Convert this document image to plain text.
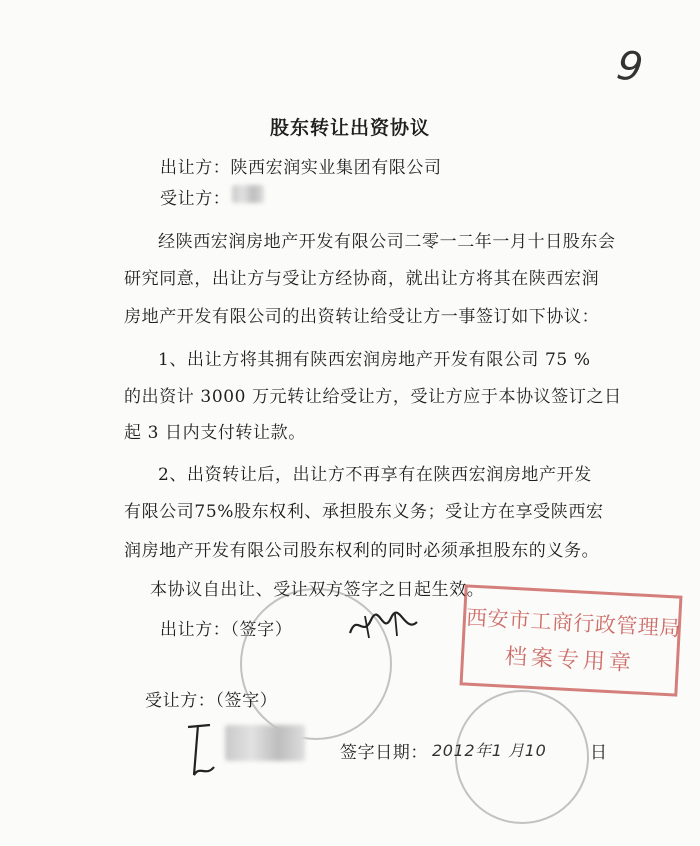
9
股东转让出资协议
出让方：陕西宏润实业集团有限公司
受让方：
经陕西宏润房地产开发有限公司二零一二年一月十日股东会
研究同意，出让方与受让方经协商，就出让方将其在陕西宏润
房地产开发有限公司的出资转让给受让方一事签订如下协议：
1、出让方将其拥有陕西宏润房地产开发有限公司 75 %
的出资计 3000 万元转让给受让方，受让方应于本协议签订之日
起 3 日内支付转让款。
2、出资转让后，出让方不再享有在陕西宏润房地产开发
有限公司75%股东权利、承担股东义务；受让方在享受陕西宏
润房地产开发有限公司股东权利的同时必须承担股东的义务。
本协议自出让、受让双方签字之日起生效。
出让方：（签字）	西安市工商行政管理局
档案专用章
受让方：（签字）
签字日期： 2012年1 月10	日
